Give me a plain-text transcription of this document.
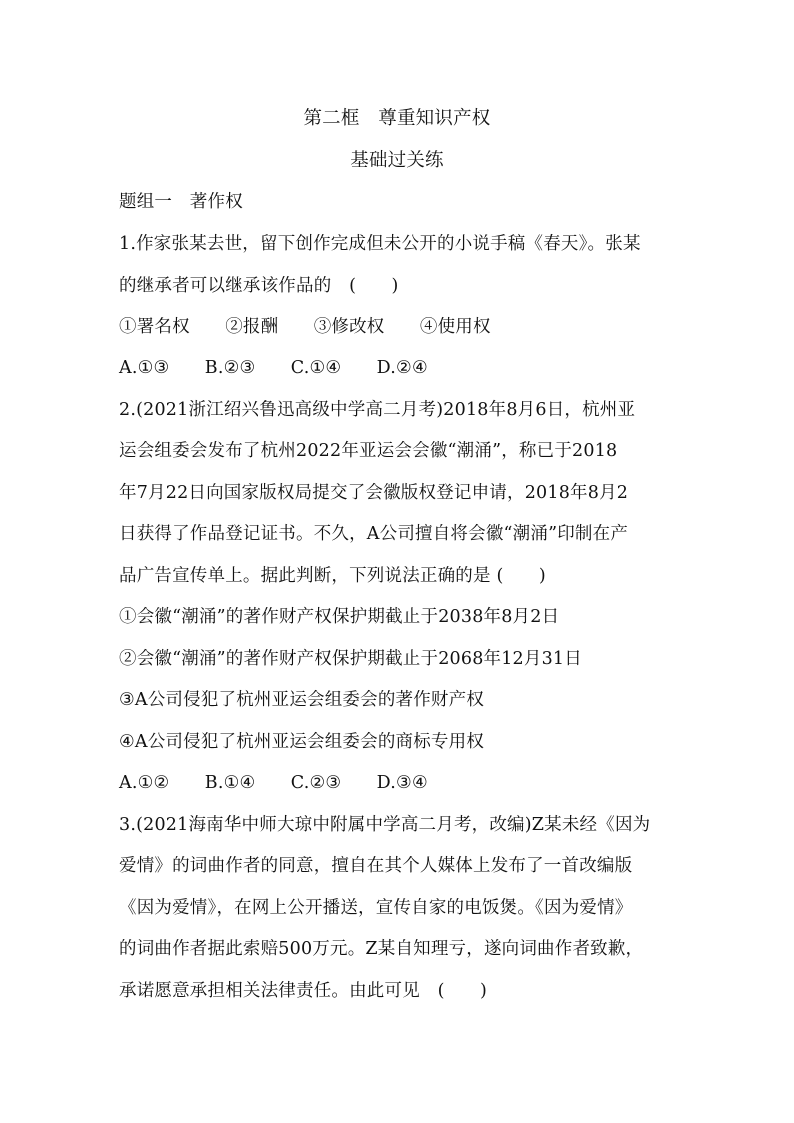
第二框　尊重知识产权
基础过关练
题组一　著作权
1.作家张某去世，留下创作完成但未公开的小说手稿《春天》。张某
的继承者可以继承该作品的　(　　)
①署名权　　②报酬　　③修改权　　④使用权
A.①③　　B.②③　　C.①④　　D.②④
2.(2021浙江绍兴鲁迅高级中学高二月考)2018年8月6日，杭州亚
运会组委会发布了杭州2022年亚运会会徽“潮涌”，称已于2018
年7月22日向国家版权局提交了会徽版权登记申请，2018年8月2
日获得了作品登记证书。不久，A公司擅自将会徽“潮涌”印制在产
品广告宣传单上。据此判断，下列说法正确的是 (　　)
①会徽“潮涌”的著作财产权保护期截止于2038年8月2日
②会徽“潮涌”的著作财产权保护期截止于2068年12月31日
③A公司侵犯了杭州亚运会组委会的著作财产权
④A公司侵犯了杭州亚运会组委会的商标专用权
A.①②　　B.①④　　C.②③　　D.③④
3.(2021海南华中师大琼中附属中学高二月考，改编)Z某未经《因为
爱情》的词曲作者的同意，擅自在其个人媒体上发布了一首改编版
《因为爱情》，在网上公开播送，宣传自家的电饭煲。《因为爱情》
的词曲作者据此索赔500万元。Z某自知理亏，遂向词曲作者致歉，
承诺愿意承担相关法律责任。由此可见　(　　)
